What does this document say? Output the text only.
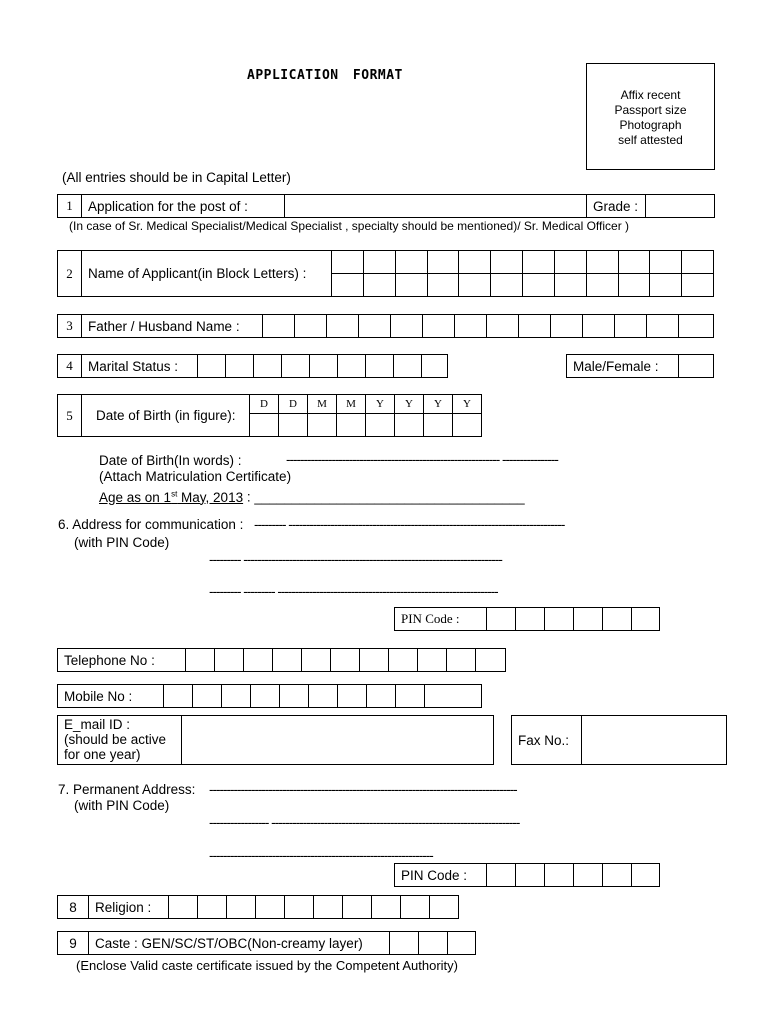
APPLICATION FORMAT
Affix recent
Passport size
Photograph
self attested
(All entries should be in Capital Letter)
1	Application for the post of :	Grade :
(In case of Sr. Medical Specialist/Medical Specialist , specialty should be mentioned)/ Sr. Medical Officer )
2	Name of Applicant(in Block Letters) :
3	Father / Husband Name :
4	Marital Status :	Male/Female :
5	Date of Birth (in figure):
D	D	M	M	Y	Y	Y	Y
Date of Birth(In words) :	------------------------------------------------------------- ----------------
(Attach Matriculation Certificate)
Age as on 1st May, 2013 : ____________________________________
6. Address for communication : --------- -------------------------------------------------------------------------------
(with PIN Code)
--------- --------------------------------------------------------------------------
--------- --------- ---------------------------------------------------------------
PIN Code :
Telephone No :
Mobile No :
E_mail ID :
(should be active
for one year)
Fax No.:
7. Permanent Address: ----------------------------------------------------------------------------------------
(with PIN Code)
----------------- -----------------------------------------------------------------------
----------------------------------------------------------------
PIN Code :
8	Religion :
9	Caste : GEN/SC/ST/OBC(Non-creamy layer)
(Enclose Valid caste certificate issued by the Competent Authority)
